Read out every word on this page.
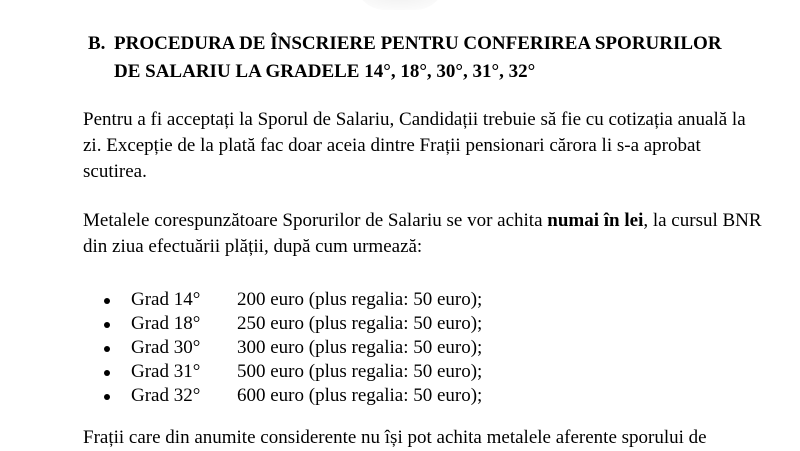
B. PROCEDURA DE ÎNSCRIERE PENTRU CONFERIREA SPORURILOR
DE SALARIU LA GRADELE 14°, 18°, 30°, 31°, 32°
Pentru a fi acceptați la Sporul de Salariu, Candidații trebuie să fie cu cotizația anuală la zi. Excepție de la plată fac doar aceia dintre Frații pensionari cărora li s-a aprobat scutirea.
Metalele corespunzătoare Sporurilor de Salariu se vor achita numai în lei, la cursul BNR din ziua efectuării plății, după cum urmează:
Grad 14° 200 euro (plus regalia: 50 euro);
Grad 18° 250 euro (plus regalia: 50 euro);
Grad 30° 300 euro (plus regalia: 50 euro);
Grad 31° 500 euro (plus regalia: 50 euro);
Grad 32° 600 euro (plus regalia: 50 euro);
Frații care din anumite considerente nu își pot achita metalele aferente sporului de
